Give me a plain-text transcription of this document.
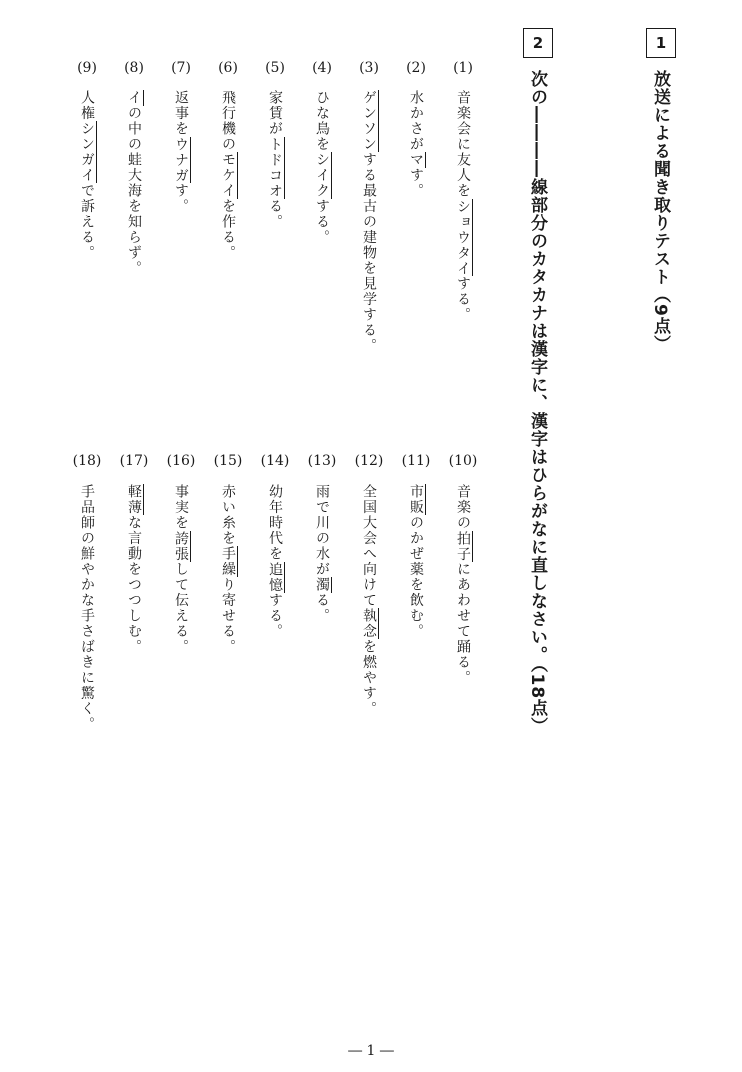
1
放送による聞き取りテスト（9点）
2
次の――――線部分のカタカナは漢字に、漢字はひらがなに直しなさい。（18点）
(1)
音楽会に友人をショウタイする。
(2)
水かさがマす。
(3)
ゲンソンする最古の建物を見学する。
(4)
ひな鳥をシイクする。
(5)
家賃がトドコオる。
(6)
飛行機のモケイを作る。
(7)
返事をウナガす。
(8)
イの中の蛙大海を知らず。
(9)
人権シンガイで訴える。
(10)
音楽の拍子にあわせて踊る。
(11)
市販のかぜ薬を飲む。
(12)
全国大会へ向けて執念を燃やす。
(13)
雨で川の水が濁る。
(14)
幼年時代を追憶する。
(15)
赤い糸を手繰り寄せる。
(16)
事実を誇張して伝える。
(17)
軽薄な言動をつつしむ。
(18)
手品師の鮮やかな手さばきに驚く。
― 1 ―
